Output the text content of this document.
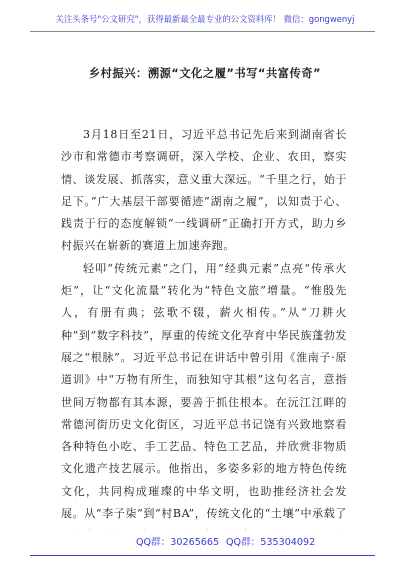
关注头条号"公文研究"，获得最新最全最专业的公文资料库！ 微信：gongwenyj
乡村振兴：溯源“文化之履”书写“共富传奇”

3月18日至21日，习近平总书记先后来到湖南省长沙市和常德市考察调研，深入学校、企业、农田，察实情、谈发展、抓落实，意义重大深远。“千里之行，始于足下。”广大基层干部要循迹“湖南之履”，以知责于心、践责于行的态度解锁“一线调研”正确打开方式，助力乡村振兴在崭新的赛道上加速奔跑。

轻叩“传统元素”之门，用“经典元素”点亮“传承火炬”，让“文化流量”转化为“特色文旅”增量。“惟殷先人，有册有典；弦歌不辍，薪火相传。”从“刀耕火种”到“数字科技”，厚重的传统文化孕育中华民族蓬勃发展之“根脉”。习近平总书记在讲话中曾引用《淮南子·原道训》中“万物有所生，而独知守其根”这句名言，意指世间万物都有其本源，要善于抓住根本。在沅江江畔的常德河街历史文化街区，习近平总书记饶有兴致地察看各种特色小吃、手工艺品、特色工艺品，并欣赏非物质文化遗产技艺展示。他指出，多姿多彩的地方特色传统文化，共同构成璀璨的中华文明，也助推经济社会发展。从“李子柒”到“村BA”，传统文化的“土壤”中承载了

QQ群：30265665 QQ群：535304092
